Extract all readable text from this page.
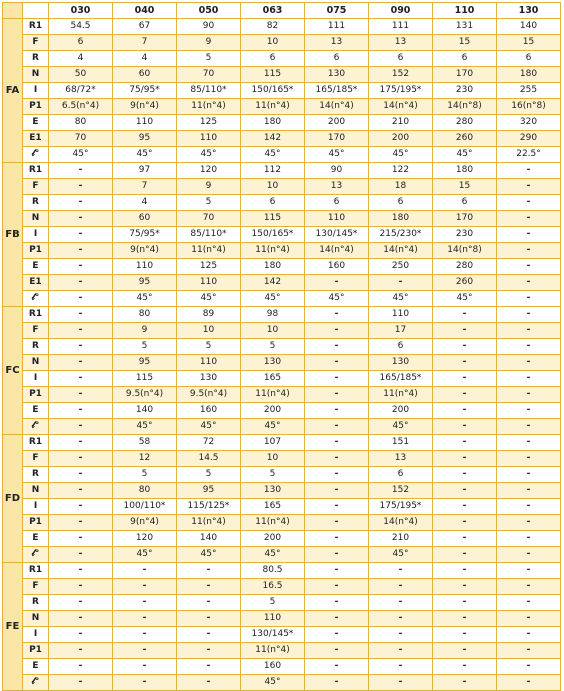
		030	040	050	063	075	090	110	130
FA	R1	54.5	67	90	82	111	111	131	140
	F	6	7	9	10	13	13	15	15
	R	4	4	5	6	6	6	6	6
	N	50	60	70	115	130	152	170	180
	I	68/72*	75/95*	85/110*	150/165*	165/185*	175/195*	230	255
	P1	6.5(n°4)	9(n°4)	11(n°4)	11(n°4)	14(n°4)	14(n°4)	14(n°8)	16(n°8)
	E	80	110	125	180	200	210	280	320
	E1	70	95	110	142	170	200	260	290
	𝓁°	45°	45°	45°	45°	45°	45°	45°	22.5°
FB	R1	-	97	120	112	90	122	180	-
	F	-	7	9	10	13	18	15	-
	R	-	4	5	6	6	6	6	-
	N	-	60	70	115	110	180	170	-
	I	-	75/95*	85/110*	150/165*	130/145*	215/230*	230	-
	P1	-	9(n°4)	11(n°4)	11(n°4)	14(n°4)	14(n°4)	14(n°8)	-
	E	-	110	125	180	160	250	280	-
	E1	-	95	110	142	-	-	260	-
	𝓁°	-	45°	45°	45°	45°	45°	45°	-
FC	R1	-	80	89	98	-	110	-	-
	F	-	9	10	10	-	17	-	-
	R	-	5	5	5	-	6	-	-
	N	-	95	110	130	-	130	-	-
	I	-	115	130	165	-	165/185*	-	-
	P1	-	9.5(n°4)	9.5(n°4)	11(n°4)	-	11(n°4)	-	-
	E	-	140	160	200	-	200	-	-
	𝓁°	-	45°	45°	45°	-	45°	-	-
FD	R1	-	58	72	107	-	151	-	-
	F	-	12	14.5	10	-	13	-	-
	R	-	5	5	5	-	6	-	-
	N	-	80	95	130	-	152	-	-
	I	-	100/110*	115/125*	165	-	175/195*	-	-
	P1	-	9(n°4)	11(n°4)	11(n°4)	-	14(n°4)	-	-
	E	-	120	140	200	-	210	-	-
	𝓁°	-	45°	45°	45°	-	45°	-	-
FE	R1	-	-	-	80.5	-	-	-	-
	F	-	-	-	16.5	-	-	-	-
	R	-	-	-	5	-	-	-	-
	N	-	-	-	110	-	-	-	-
	I	-	-	-	130/145*	-	-	-	-
	P1	-	-	-	11(n°4)	-	-	-	-
	E	-	-	-	160	-	-	-	-
	𝓁°	-	-	-	45°	-	-	-	-
